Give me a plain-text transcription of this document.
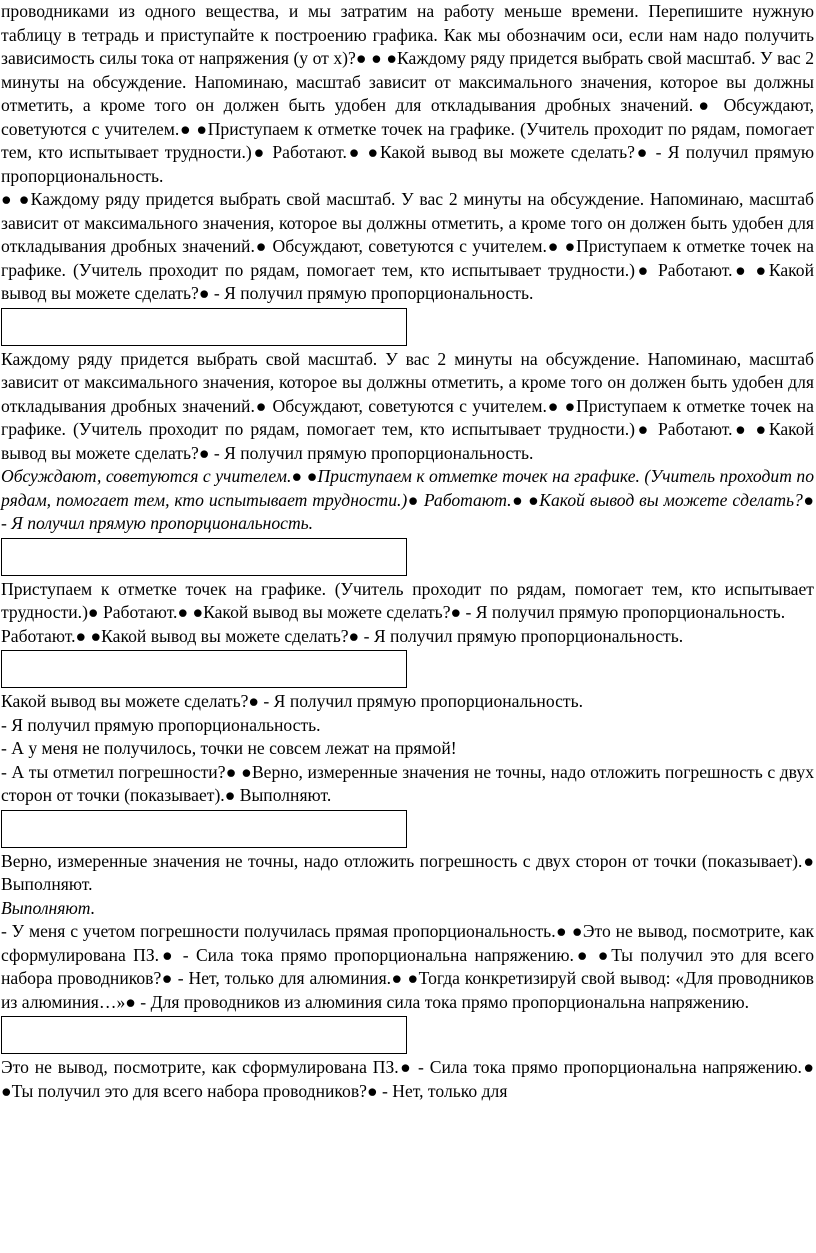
проводниками из одного вещества, и мы затратим на работу меньше времени. Перепишите нужную таблицу в тетрадь и приступайте к построению графика. Как мы обозначим оси, если нам надо получить зависимость силы тока от напряжения (у от х)?● ● ●Каждому ряду придется выбрать свой масштаб. У вас 2 минуты на обсуждение. Напоминаю, масштаб зависит от максимального значения, которое вы должны отметить, а кроме того он должен быть удобен для откладывания дробных значений.● Обсуждают, советуются с учителем.● ●Приступаем к отметке точек на графике. (Учитель проходит по рядам, помогает тем, кто испытывает трудности.)● Работают.● ●Какой вывод вы можете сделать?● - Я получил прямую пропорциональность.

● ●Каждому ряду придется выбрать свой масштаб. У вас 2 минуты на обсуждение. Напоминаю, масштаб зависит от максимального значения, которое вы должны отметить, а кроме того он должен быть удобен для откладывания дробных значений.● Обсуждают, советуются с учителем.● ●Приступаем к отметке точек на графике. (Учитель проходит по рядам, помогает тем, кто испытывает трудности.)● Работают.● ●Какой вывод вы можете сделать?● - Я получил прямую пропорциональность.

Каждому ряду придется выбрать свой масштаб. У вас 2 минуты на обсуждение. Напоминаю, масштаб зависит от максимального значения, которое вы должны отметить, а кроме того он должен быть удобен для откладывания дробных значений.● Обсуждают, советуются с учителем.● ●Приступаем к отметке точек на графике. (Учитель проходит по рядам, помогает тем, кто испытывает трудности.)● Работают.● ●Какой вывод вы можете сделать?● - Я получил прямую пропорциональность.

Обсуждают, советуются с учителем.● ●Приступаем к отметке точек на графике. (Учитель проходит по рядам, помогает тем, кто испытывает трудности.)● Работают.● ●Какой вывод вы можете сделать?● - Я получил прямую пропорциональность.

Приступаем к отметке точек на графике. (Учитель проходит по рядам, помогает тем, кто испытывает трудности.)● Работают.● ●Какой вывод вы можете сделать?● - Я получил прямую пропорциональность.

Работают.● ●Какой вывод вы можете сделать?● - Я получил прямую пропорциональность.

Какой вывод вы можете сделать?● - Я получил прямую пропорциональность.

- Я получил прямую пропорциональность.

- А у меня не получилось, точки не совсем лежат на прямой!

- А ты отметил погрешности?● ●Верно, измеренные значения не точны, надо отложить погрешность с двух сторон от точки (показывает).● Выполняют.

Верно, измеренные значения не точны, надо отложить погрешность с двух сторон от точки (показывает).● Выполняют.

Выполняют.

- У меня с учетом погрешности получилась прямая пропорциональность.● ●Это не вывод, посмотрите, как сформулирована ПЗ.● - Сила тока прямо пропорциональна напряжению.● ●Ты получил это для всего набора проводников?● - Нет, только для алюминия.● ●Тогда конкретизируй свой вывод: «Для проводников из алюминия…»● - Для проводников из алюминия сила тока прямо пропорциональна напряжению.

Это не вывод, посмотрите, как сформулирована ПЗ.● - Сила тока прямо пропорциональна напряжению.● ●Ты получил это для всего набора проводников?● - Нет, только для
